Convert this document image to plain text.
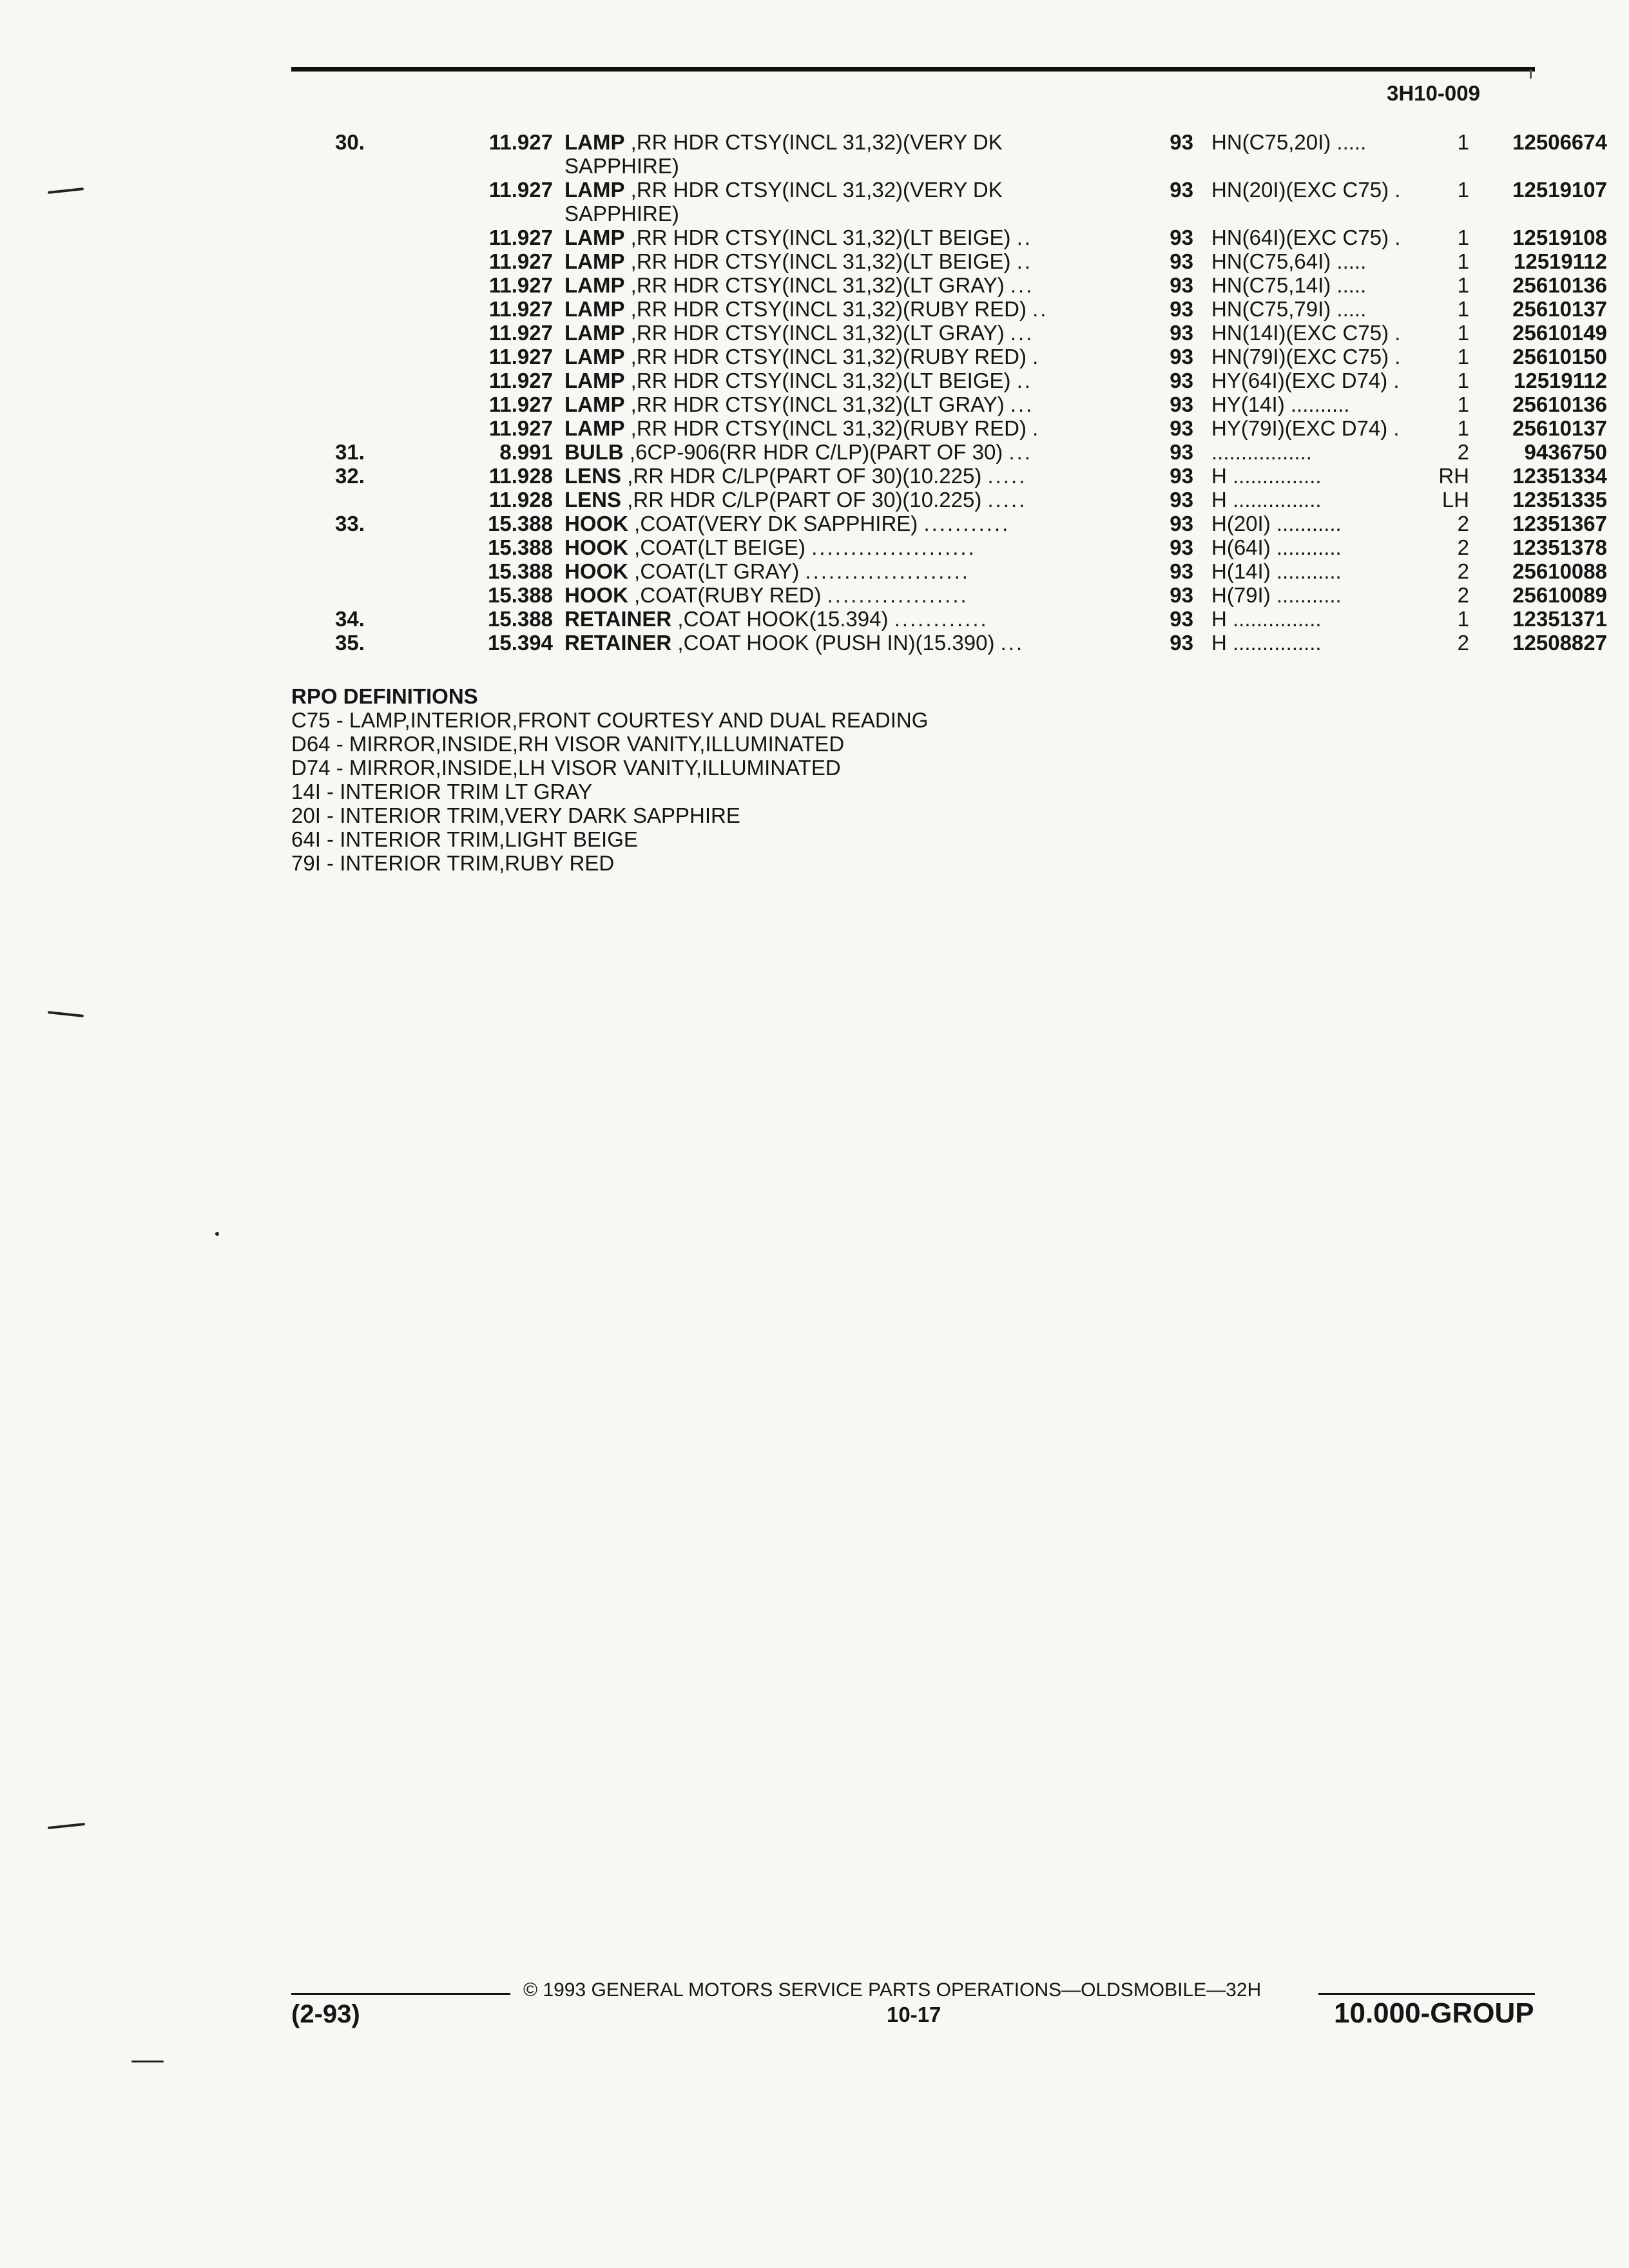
3H10-009
30.	11.927	LAMP ,RR HDR CTSY(INCL 31,32)(VERY DK
SAPPHIRE)	93	HN(C75,20I) .....	1	12506674
	11.927	LAMP ,RR HDR CTSY(INCL 31,32)(VERY DK
SAPPHIRE)	93	HN(20I)(EXC C75) .	1	12519107
	11.927	LAMP ,RR HDR CTSY(INCL 31,32)(LT BEIGE) ..	93	HN(64I)(EXC C75) .	1	12519108
	11.927	LAMP ,RR HDR CTSY(INCL 31,32)(LT BEIGE) ..	93	HN(C75,64I) .....	1	12519112
	11.927	LAMP ,RR HDR CTSY(INCL 31,32)(LT GRAY) ...	93	HN(C75,14I) .....	1	25610136
	11.927	LAMP ,RR HDR CTSY(INCL 31,32)(RUBY RED) ..	93	HN(C75,79I) .....	1	25610137
	11.927	LAMP ,RR HDR CTSY(INCL 31,32)(LT GRAY) ...	93	HN(14I)(EXC C75) .	1	25610149
	11.927	LAMP ,RR HDR CTSY(INCL 31,32)(RUBY RED) .	93	HN(79I)(EXC C75) .	1	25610150
	11.927	LAMP ,RR HDR CTSY(INCL 31,32)(LT BEIGE) ..	93	HY(64I)(EXC D74) .	1	12519112
	11.927	LAMP ,RR HDR CTSY(INCL 31,32)(LT GRAY) ...	93	HY(14I) ..........	1	25610136
	11.927	LAMP ,RR HDR CTSY(INCL 31,32)(RUBY RED) .	93	HY(79I)(EXC D74) .	1	25610137
31.	8.991	BULB ,6CP-906(RR HDR C/LP)(PART OF 30) ...	93	.................	2	9436750
32.	11.928	LENS ,RR HDR C/LP(PART OF 30)(10.225) .....	93	H ...............	RH	12351334
	11.928	LENS ,RR HDR C/LP(PART OF 30)(10.225) .....	93	H ...............	LH	12351335
33.	15.388	HOOK ,COAT(VERY DK SAPPHIRE) ...........	93	H(20I) ...........	2	12351367
	15.388	HOOK ,COAT(LT BEIGE) .....................	93	H(64I) ...........	2	12351378
	15.388	HOOK ,COAT(LT GRAY) .....................	93	H(14I) ...........	2	25610088
	15.388	HOOK ,COAT(RUBY RED) ..................	93	H(79I) ...........	2	25610089
34.	15.388	RETAINER ,COAT HOOK(15.394) ............	93	H ...............	1	12351371
35.	15.394	RETAINER ,COAT HOOK (PUSH IN)(15.390) ...	93	H ...............	2	12508827
RPO DEFINITIONS
C75 - LAMP,INTERIOR,FRONT COURTESY AND DUAL READING
D64 - MIRROR,INSIDE,RH VISOR VANITY,ILLUMINATED
D74 - MIRROR,INSIDE,LH VISOR VANITY,ILLUMINATED
14I - INTERIOR TRIM LT GRAY
20I - INTERIOR TRIM,VERY DARK SAPPHIRE
64I - INTERIOR TRIM,LIGHT BEIGE
79I - INTERIOR TRIM,RUBY RED
© 1993 GENERAL MOTORS SERVICE PARTS OPERATIONS—OLDSMOBILE—32H
(2-93)	10-17	10.000-GROUP
